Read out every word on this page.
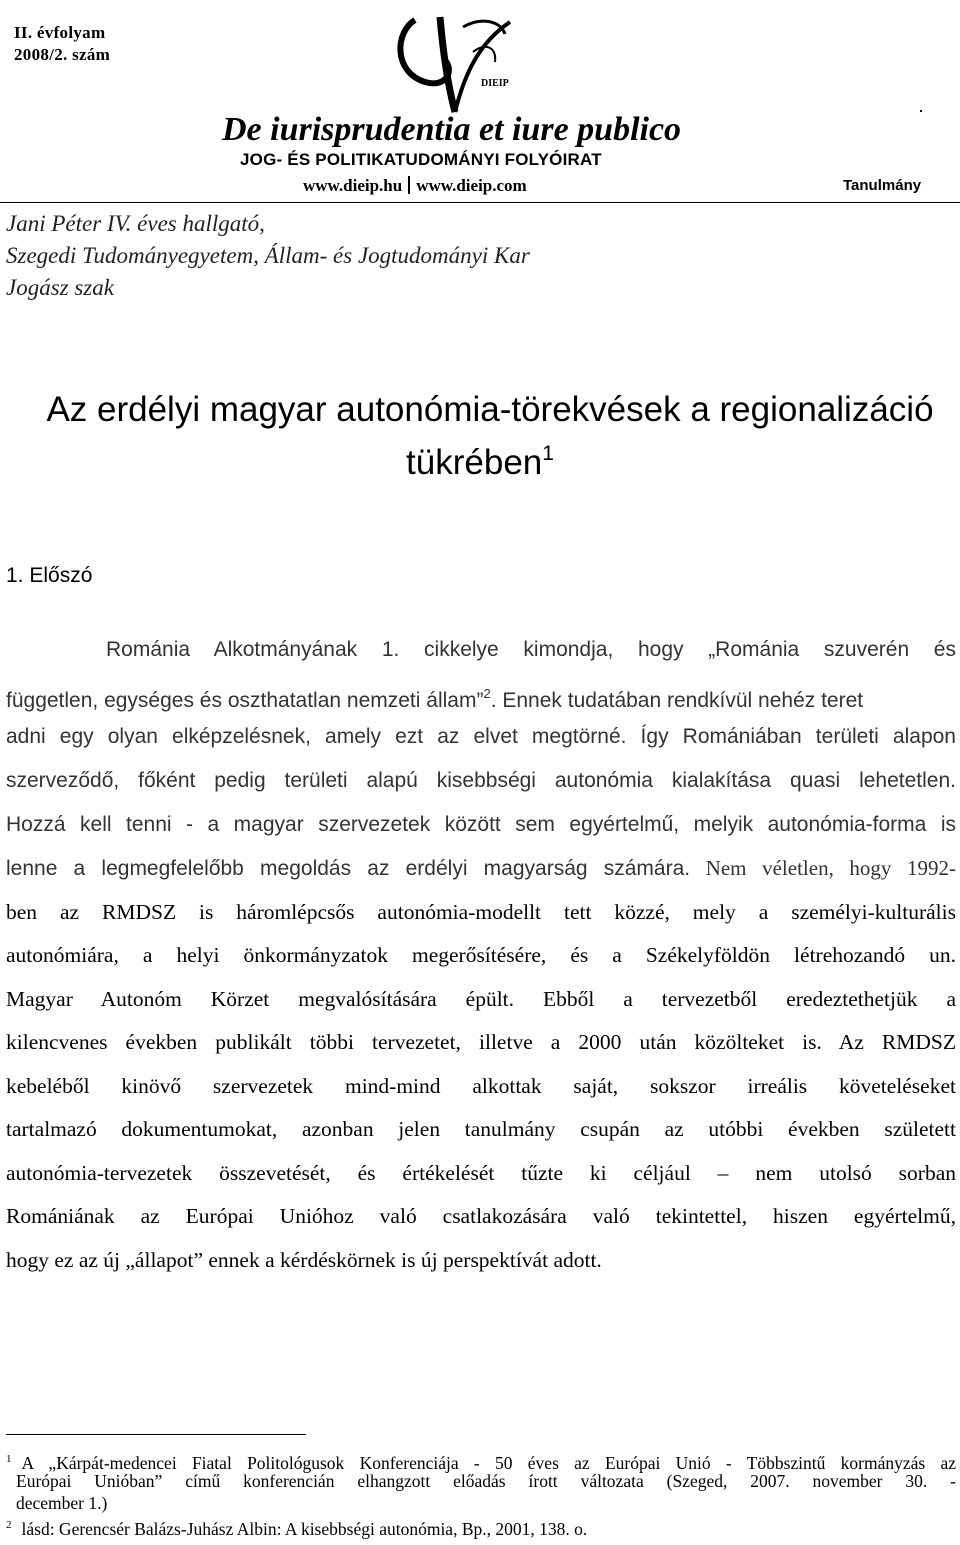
II. évfolyam
2008/2. szám
DIEIP
De iurisprudentia et iure publico
JOG- ÉS POLITIKATUDOMÁNYI FOLYÓIRAT
www.dieip.hu www.dieip.com	Tanulmány
Jani Péter IV. éves hallgató,
Szegedi Tudományegyetem, Állam- és Jogtudományi Kar
Jogász szak
Az erdélyi magyar autonómia-törekvések a regionalizáció
tükrében$^1$
1. Előszó
Románia Alkotmányának 1. cikkelye kimondja, hogy „Románia szuverén és
független, egységes és oszthatatlan nemzeti állam”$^2$. Ennek tudatában rendkívül nehéz teret
adni egy olyan elképzelésnek, amely ezt az elvet megtörné. Így Romániában területi alapon
szerveződő, főként pedig területi alapú kisebbségi autonómia kialakítása quasi lehetetlen.
Hozzá kell tenni - a magyar szervezetek között sem egyértelmű, melyik autonómia-forma is
lenne a legmegfelelőbb megoldás az erdélyi magyarság számára. Nem véletlen, hogy 1992-
ben az RMDSZ is háromlépcsős autonómia-modellt tett közzé, mely a személyi-kulturális
autonómiára, a helyi önkormányzatok megerősítésére, és a Székelyföldön létrehozandó un.
Magyar Autonóm Körzet megvalósítására épült. Ebből a tervezetből eredeztethetjük a
kilencvenes években publikált többi tervezetet, illetve a 2000 után közölteket is. Az RMDSZ
kebeléből kinövő szervezetek mind-mind alkottak saját, sokszor irreális követeléseket
tartalmazó dokumentumokat, azonban jelen tanulmány csupán az utóbbi években született
autonómia-tervezetek összevetését, és értékelését tűzte ki céljául – nem utolsó sorban
Romániának az Európai Unióhoz való csatlakozására való tekintettel, hiszen egyértelmű,
hogy ez az új „állapot” ennek a kérdéskörnek is új perspektívát adott.
$^1$ A „Kárpát-medencei Fiatal Politológusok Konferenciája - 50 éves az Európai Unió - Többszintű kormányzás az
Európai Unióban” című konferencián elhangzott előadás írott változata (Szeged, 2007. november 30. -
december 1.)
$^2$ lásd: Gerencsér Balázs-Juhász Albin: A kisebbségi autonómia, Bp., 2001, 138. o.
